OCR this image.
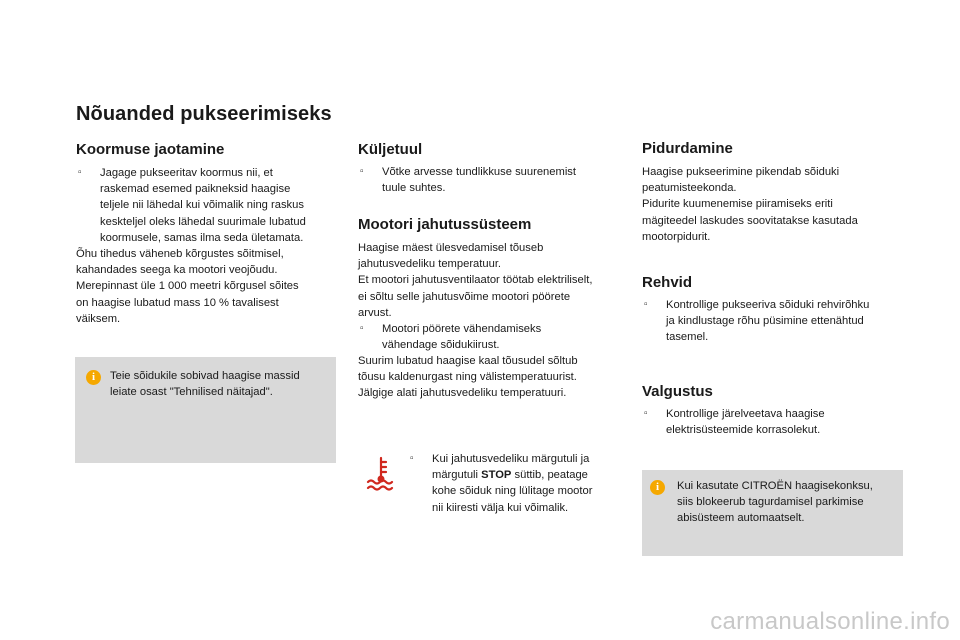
Nõuanded pukseerimiseks
Koormuse jaotamine
▫	Jagage pukseeritav koormus nii, et
raskemad esemed paikneksid haagise
teljele nii lähedal kui võimalik ning raskus
keskteljel oleks lähedal suurimale lubatud
koormusele, samas ilma seda ületamata.
Õhu tihedus väheneb kõrgustes sõitmisel,
kahandades seega ka mootori veojõudu.
Merepinnast üle 1 000 meetri kõrgusel sõites
on haagise lubatud mass 10 % tavalisest
väiksem.
i	Teie sõidukile sobivad haagise massid
leiate osast "Tehnilised näitajad".
Küljetuul
▫	Võtke arvesse tundlikkuse suurenemist
tuule suhtes.
Mootori jahutussüsteem
Haagise mäest ülesvedamisel tõuseb
jahutusvedeliku temperatuur.
Et mootori jahutusventilaator töötab elektriliselt,
ei sõltu selle jahutusvõime mootori pöörete
arvust.
▫	Mootori pöörete vähendamiseks
vähendage sõidukiirust.
Suurim lubatud haagise kaal tõusudel sõltub
tõusu kaldenurgast ning välistemperatuurist.
Jälgige alati jahutusvedeliku temperatuuri.
▫	Kui jahutusvedeliku märgutuli ja
märgutuli STOP süttib, peatage
kohe sõiduk ning lülitage mootor
nii kiiresti välja kui võimalik.
Pidurdamine
Haagise pukseerimine pikendab sõiduki
peatumisteekonda.
Pidurite kuumenemise piiramiseks eriti
mägiteedel laskudes soovitatakse kasutada
mootorpidurit.
Rehvid
▫	Kontrollige pukseeriva sõiduki rehvirõhku
ja kindlustage rõhu püsimine ettenähtud
tasemel.
Valgustus
▫	Kontrollige järelveetava haagise
elektrisüsteemide korrasolekut.
i	Kui kasutate CITROËN haagisekonksu,
siis blokeerub tagurdamisel parkimise
abisüsteem automaatselt.
carmanualsonline.info
